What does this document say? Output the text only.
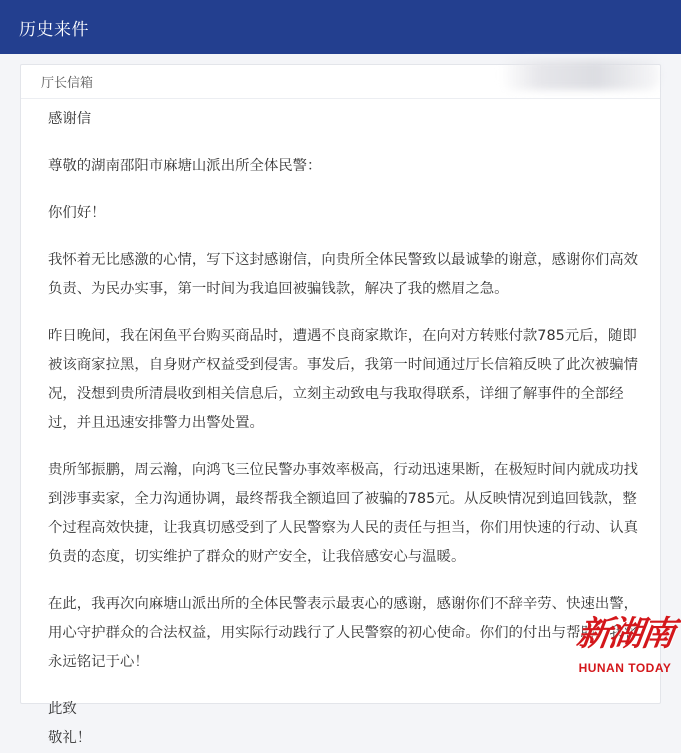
历史来件
厅长信箱

感谢信

尊敬的湖南邵阳市麻塘山派出所全体民警：

你们好！

我怀着无比感激的心情，写下这封感谢信，向贵所全体民警致以最诚挚的谢意，感谢你们高效负责、为民办实事，第一时间为我追回被骗钱款，解决了我的燃眉之急。

昨日晚间，我在闲鱼平台购买商品时，遭遇不良商家欺诈，在向对方转账付款785元后，随即被该商家拉黑，自身财产权益受到侵害。事发后，我第一时间通过厅长信箱反映了此次被骗情况，没想到贵所清晨收到相关信息后，立刻主动致电与我取得联系，详细了解事件的全部经过，并且迅速安排警力出警处置。

贵所邹振鹏，周云瀚，向鸿飞三位民警办事效率极高，行动迅速果断，在极短时间内就成功找到涉事卖家，全力沟通协调，最终帮我全额追回了被骗的785元。从反映情况到追回钱款，整个过程高效快捷，让我真切感受到了人民警察为人民的责任与担当，你们用快速的行动、认真负责的态度，切实维护了群众的财产安全，让我倍感安心与温暖。

在此，我再次向麻塘山派出所的全体民警表示最衷心的感谢，感谢你们不辞辛劳、快速出警，用心守护群众的合法权益，用实际行动践行了人民警察的初心使命。你们的付出与帮助，我将永远铭记于心！

此致

敬礼！

新湖南
HUNAN TODAY
